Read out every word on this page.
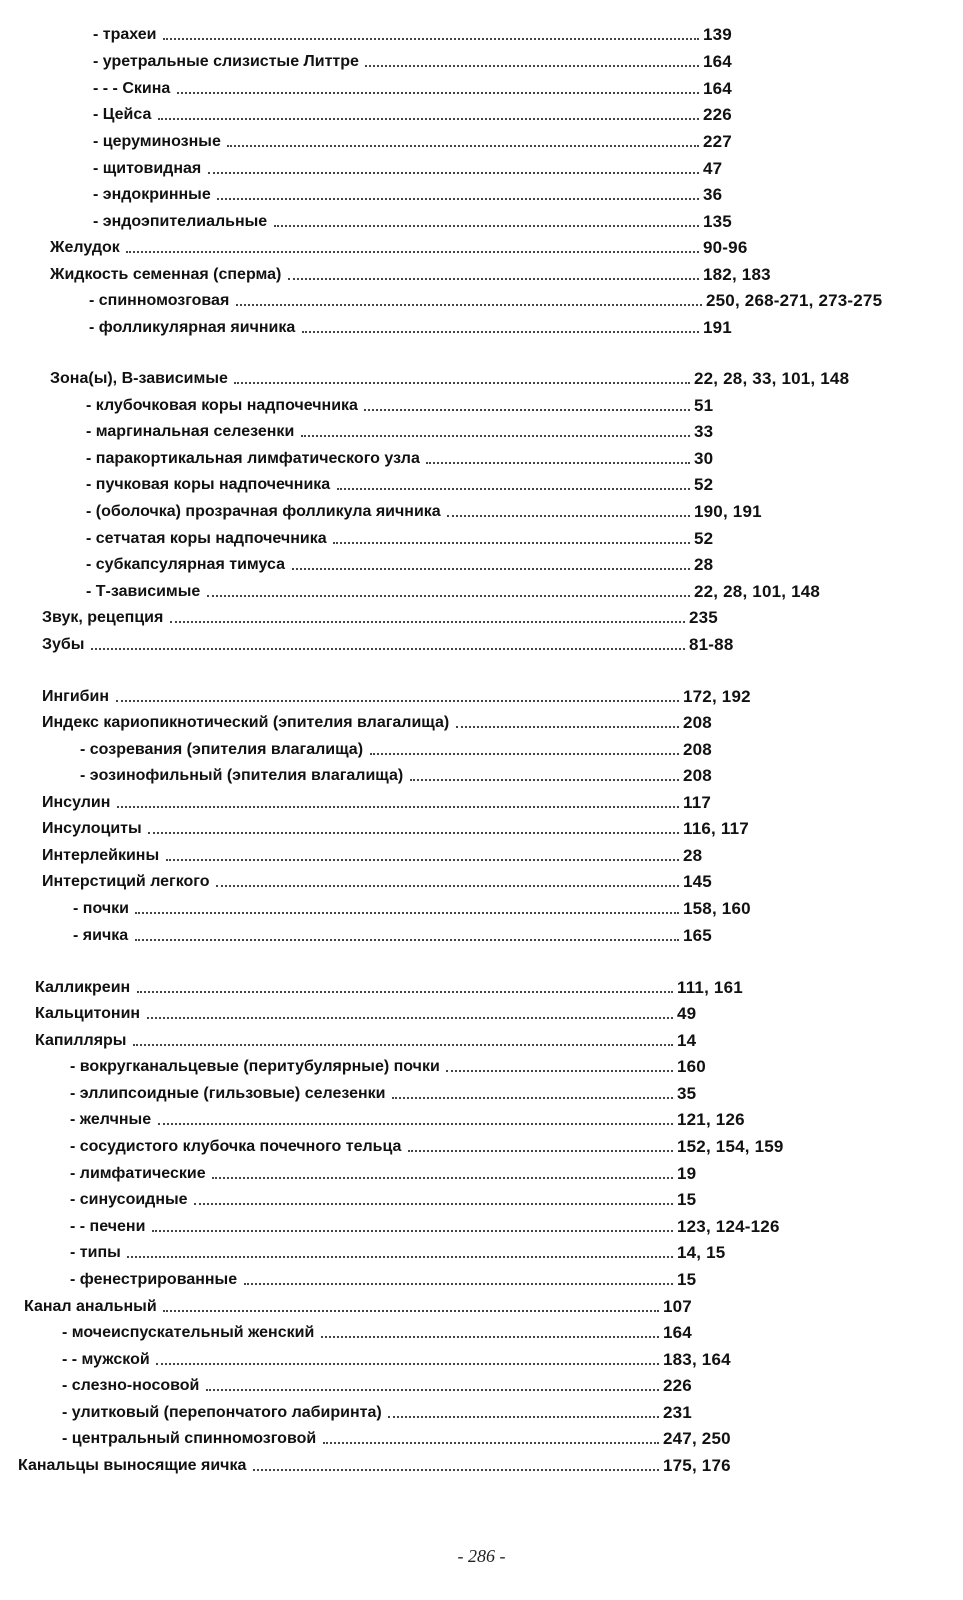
- трахеи	139
- уретральные слизистые Литтре	164
- - - Скина	164
- Цейса	226
- церуминозные	227
- щитовидная	47
- эндокринные	36
- эндоэпителиальные	135
Желудок	90-96
Жидкость семенная (сперма)	182, 183
- спинномозговая	250, 268-271, 273-275
- фолликулярная яичника	191
Зона(ы), В-зависимые	22, 28, 33, 101, 148
- клубочковая коры надпочечника	51
- маргинальная селезенки	33
- паракортикальная лимфатического узла	30
- пучковая коры надпочечника	52
- (оболочка) прозрачная фолликула яичника	190, 191
- сетчатая коры надпочечника	52
- субкапсулярная тимуса	28
- Т-зависимые	22, 28, 101, 148
Звук, рецепция	235
Зубы	81-88
Ингибин	172, 192
Индекс кариопикнотический (эпителия влагалища)	208
- созревания (эпителия влагалища)	208
- эозинофильный (эпителия влагалища)	208
Инсулин	117
Инсулоциты	116, 117
Интерлейкины	28
Интерстиций легкого	145
- почки	158, 160
- яичка	165
Калликреин	111, 161
Кальцитонин	49
Капилляры	14
- вокругканальцевые (перитубулярные) почки	160
- эллипсоидные (гильзовые) селезенки	35
- желчные	121, 126
- сосудистого клубочка почечного тельца	152, 154, 159
- лимфатические	19
- синусоидные	15
- - печени	123, 124-126
- типы	14, 15
- фенестрированные	15
Канал анальный	107
- мочеиспускательный женский	164
- - мужской	183, 164
- слезно-носовой	226
- улитковый (перепончатого лабиринта)	231
- центральный спинномозговой	247, 250
Канальцы выносящие яичка	175, 176
- 286 -
